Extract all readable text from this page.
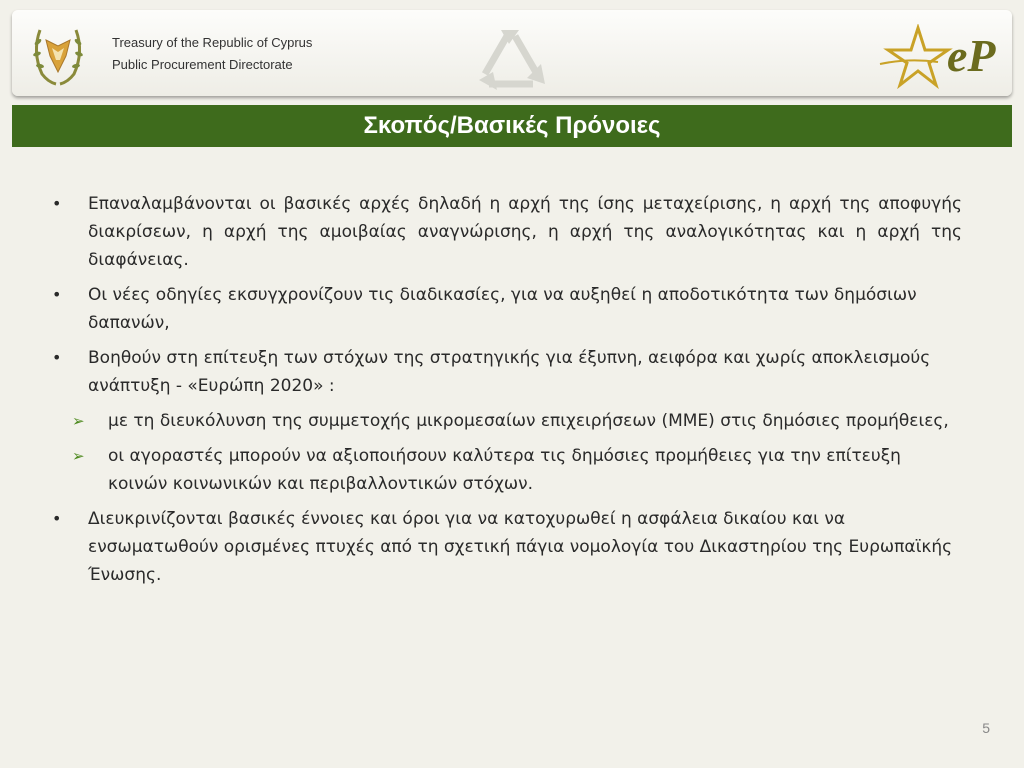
Treasury of the Republic of Cyprus
Public Procurement Directorate	eP
Σκοπός/Βασικές Πρόνοιες
•	Επαναλαμβάνονται οι βασικές αρχές δηλαδή η αρχή της ίσης μεταχείρισης, η αρχή της αποφυγής διακρίσεων, η αρχή της αμοιβαίας αναγνώρισης, η αρχή της αναλογικότητας και η αρχή της διαφάνειας.
•	Οι νέες οδηγίες εκσυγχρονίζουν τις διαδικασίες, για να αυξηθεί η αποδοτικότητα των δημόσιων δαπανών,
•	Βοηθούν στη επίτευξη των στόχων της στρατηγικής για έξυπνη, αειφόρα και χωρίς αποκλεισμούς ανάπτυξη - «Ευρώπη 2020» :
➢	με τη διευκόλυνση της συμμετοχής μικρομεσαίων επιχειρήσεων (ΜΜΕ) στις δημόσιες προμήθειες,
➢	οι αγοραστές μπορούν να αξιοποιήσουν καλύτερα τις δημόσιες προμήθειες για την επίτευξη κοινών κοινωνικών και περιβαλλοντικών στόχων.
•	Διευκρινίζονται βασικές έννοιες και όροι για να κατοχυρωθεί η ασφάλεια δικαίου και να ενσωματωθούν ορισμένες πτυχές από τη σχετική πάγια νομολογία του Δικαστηρίου της Ευρωπαϊκής Ένωσης.
5
